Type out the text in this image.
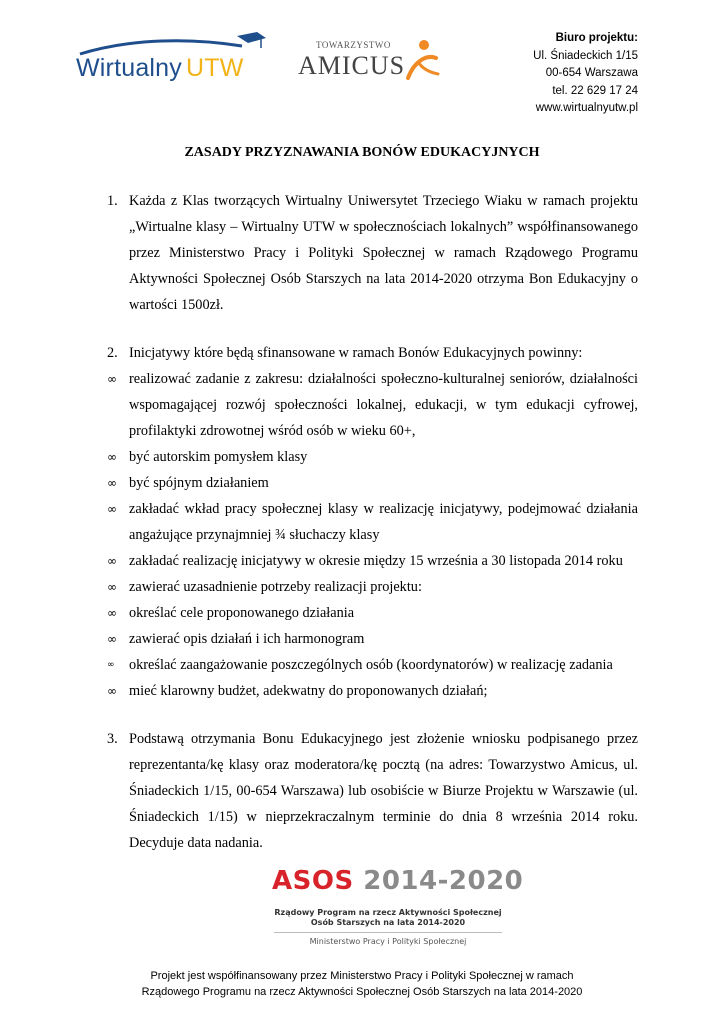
Wirtualny UTW
TOWARZYSTWO
AMICUS
Biuro projektu:
Ul. Śniadeckich 1/15
00-654 Warszawa
tel. 22 629 17 24
www.wirtualnyutw.pl
ZASADY PRZYZNAWANIA BONÓW EDUKACYJNYCH
1. Każda z Klas tworzących Wirtualny Uniwersytet Trzeciego Wiaku w ramach projektu „Wirtualne klasy – Wirtualny UTW w społecznościach lokalnych” współfinansowanego przez Ministerstwo Pracy i Polityki Społecznej w ramach Rządowego Programu Aktywności Społecznej Osób Starszych na lata 2014-2020 otrzyma Bon Edukacyjny o wartości 1500zł.
2. Inicjatywy które będą sfinansowane w ramach Bonów Edukacyjnych powinny:
∞ realizować zadanie z zakresu: działalności społeczno-kulturalnej seniorów, działalności wspomagającej rozwój społeczności lokalnej, edukacji, w tym edukacji cyfrowej, profilaktyki zdrowotnej wśród osób w wieku 60+,
∞ być autorskim pomysłem klasy
∞ być spójnym działaniem
∞ zakładać wkład pracy społecznej klasy w realizację inicjatywy, podejmować działania angażujące przynajmniej ¾ słuchaczy klasy
∞ zakładać realizację inicjatywy w okresie między 15 września a 30 listopada 2014 roku
∞ zawierać uzasadnienie potrzeby realizacji projektu:
∞ określać cele proponowanego działania
∞ zawierać opis działań i ich harmonogram
∞ określać zaangażowanie poszczególnych osób (koordynatorów) w realizację zadania
∞ mieć klarowny budżet, adekwatny do proponowanych działań;
3. Podstawą otrzymania Bonu Edukacyjnego jest złożenie wniosku podpisanego przez reprezentanta/kę klasy oraz moderatora/kę pocztą (na adres: Towarzystwo Amicus, ul. Śniadeckich 1/15, 00-654 Warszawa) lub osobiście w Biurze Projektu w Warszawie (ul. Śniadeckich 1/15) w nieprzekraczalnym terminie do dnia 8 września 2014 roku. Decyduje data nadania.
ASOS 2014-2020
Rządowy Program na rzecz Aktywności Społecznej
Osób Starszych na lata 2014-2020
Ministerstwo Pracy i Polityki Społecznej
Projekt jest współfinansowany przez Ministerstwo Pracy i Polityki Społecznej w ramach
Rządowego Programu na rzecz Aktywności Społecznej Osób Starszych na lata 2014-2020
